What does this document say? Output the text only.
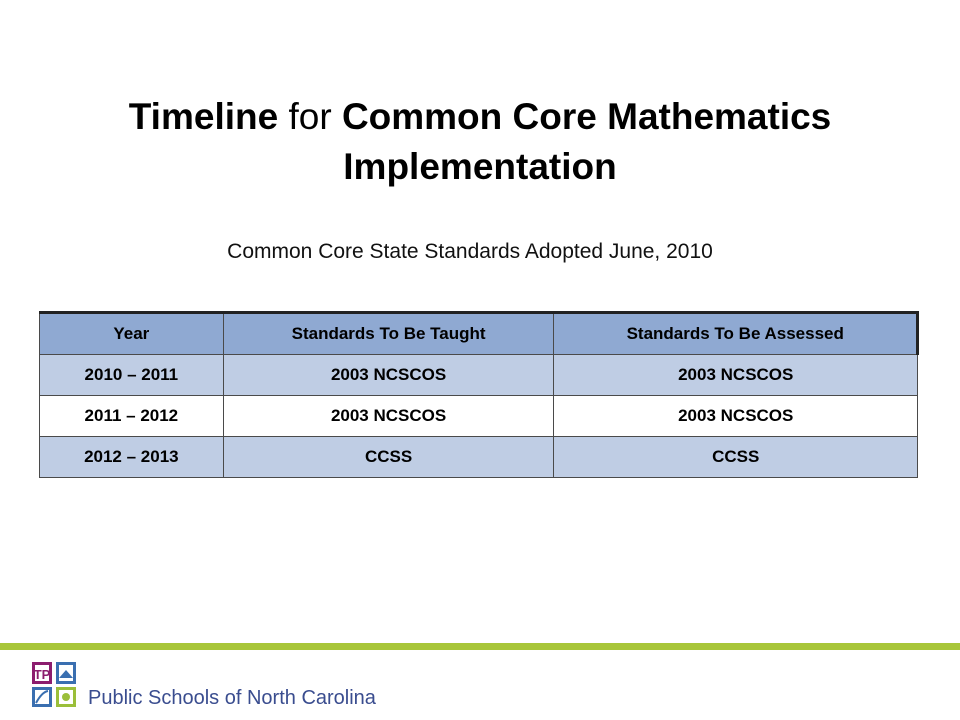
Timeline for Common Core Mathematics
Implementation
Common Core State Standards Adopted June, 2010
Year	Standards To Be Taught	Standards To Be Assessed
2010 – 2011	2003 NCSCOS	2003 NCSCOS
2011 – 2012	2003 NCSCOS	2003 NCSCOS
2012 – 2013	CCSS	CCSS
TP
Public Schools of North Carolina
